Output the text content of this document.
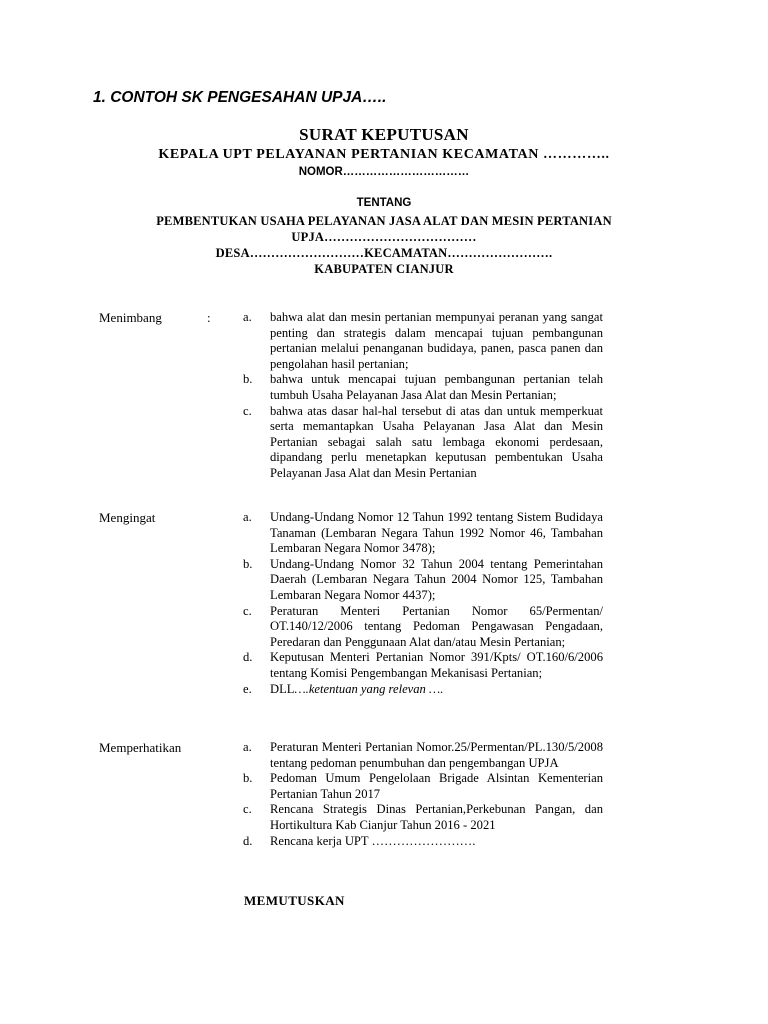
1. CONTOH SK PENGESAHAN UPJA…..
SURAT KEPUTUSAN
KEPALA UPT PELAYANAN PERTANIAN KECAMATAN …………..
NOMOR……………………………
TENTANG
PEMBENTUKAN USAHA PELAYANAN JASA ALAT DAN MESIN PERTANIAN
UPJA………………………………
DESA………………………KECAMATAN…………………….
KABUPATEN CIANJUR
Menimbang	:	a. bahwa alat dan mesin pertanian mempunyai peranan yang sangat penting dan strategis dalam mencapai tujuan pembangunan pertanian melalui penanganan budidaya, panen, pasca panen dan pengolahan hasil pertanian;
b. bahwa untuk mencapai tujuan pembangunan pertanian telah tumbuh Usaha Pelayanan Jasa Alat dan Mesin Pertanian;
c. bahwa atas dasar hal-hal tersebut di atas dan untuk memperkuat serta memantapkan Usaha Pelayanan Jasa Alat dan Mesin Pertanian sebagai salah satu lembaga ekonomi perdesaan, dipandang perlu menetapkan keputusan pembentukan Usaha Pelayanan Jasa Alat dan Mesin Pertanian
Mengingat	a. Undang-Undang Nomor 12 Tahun 1992 tentang Sistem Budidaya Tanaman (Lembaran Negara Tahun 1992 Nomor 46, Tambahan Lembaran Negara Nomor 3478);
b. Undang-Undang Nomor 32 Tahun 2004 tentang Pemerintahan Daerah (Lembaran Negara Tahun 2004 Nomor 125, Tambahan Lembaran Negara Nomor 4437);
c. Peraturan Menteri Pertanian Nomor 65/Permentan/ OT.140/12/2006 tentang Pedoman Pengawasan Pengadaan, Peredaran dan Penggunaan Alat dan/atau Mesin Pertanian;
d. Keputusan Menteri Pertanian Nomor 391/Kpts/ OT.160/6/2006 tentang Komisi Pengembangan Mekanisasi Pertanian;
e. DLL….ketentuan yang relevan ….
Memperhatikan	a. Peraturan Menteri Pertanian Nomor.25/Permentan/PL.130/5/2008 tentang pedoman penumbuhan dan pengembangan UPJA
b. Pedoman Umum Pengelolaan Brigade Alsintan Kementerian Pertanian Tahun 2017
c. Rencana Strategis Dinas Pertanian,Perkebunan Pangan, dan Hortikultura Kab Cianjur Tahun 2016 - 2021
d. Rencana kerja UPT …………………….
MEMUTUSKAN
